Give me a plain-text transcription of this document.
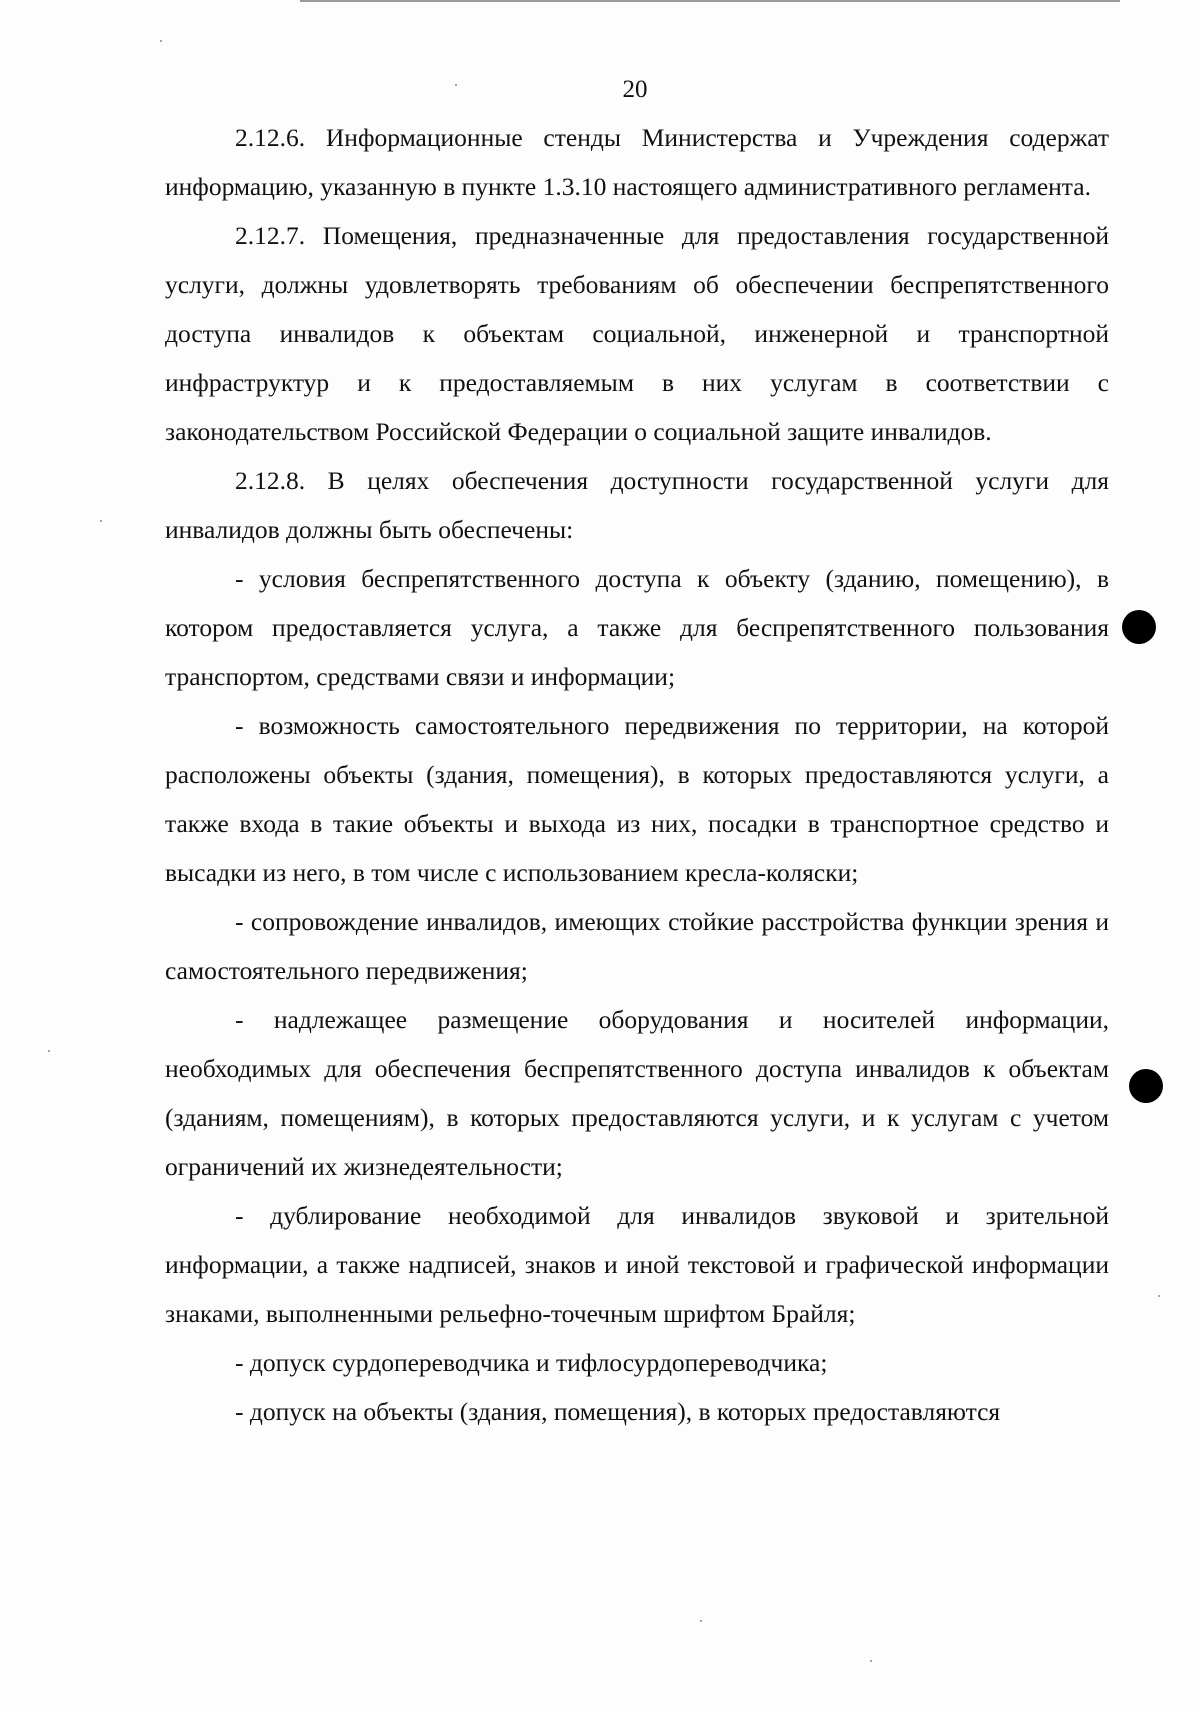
20

2.12.6. Информационные стенды Министерства и Учреждения содержат информацию, указанную в пункте 1.3.10 настоящего административного регламента.

2.12.7. Помещения, предназначенные для предоставления государственной услуги, должны удовлетворять требованиям об обеспечении беспрепятственного доступа инвалидов к объектам социальной, инженерной и транспортной инфраструктур и к предоставляемым в них услугам в соответствии с законодательством Российской Федерации о социальной защите инвалидов.

2.12.8. В целях обеспечения доступности государственной услуги для инвалидов должны быть обеспечены:

- условия беспрепятственного доступа к объекту (зданию, помещению), в котором предоставляется услуга, а также для беспрепятственного пользования транспортом, средствами связи и информации;

- возможность самостоятельного передвижения по территории, на которой расположены объекты (здания, помещения), в которых предоставляются услуги, а также входа в такие объекты и выхода из них, посадки в транспортное средство и высадки из него, в том числе с использованием кресла-коляски;

- сопровождение инвалидов, имеющих стойкие расстройства функции зрения и самостоятельного передвижения;

- надлежащее размещение оборудования и носителей информации, необходимых для обеспечения беспрепятственного доступа инвалидов к объектам (зданиям, помещениям), в которых предоставляются услуги, и к услугам с учетом ограничений их жизнедеятельности;

- дублирование необходимой для инвалидов звуковой и зрительной информации, а также надписей, знаков и иной текстовой и графической информации знаками, выполненными рельефно-точечным шрифтом Брайля;

- допуск сурдопереводчика и тифлосурдопереводчика;

- допуск на объекты (здания, помещения), в которых предоставляются
